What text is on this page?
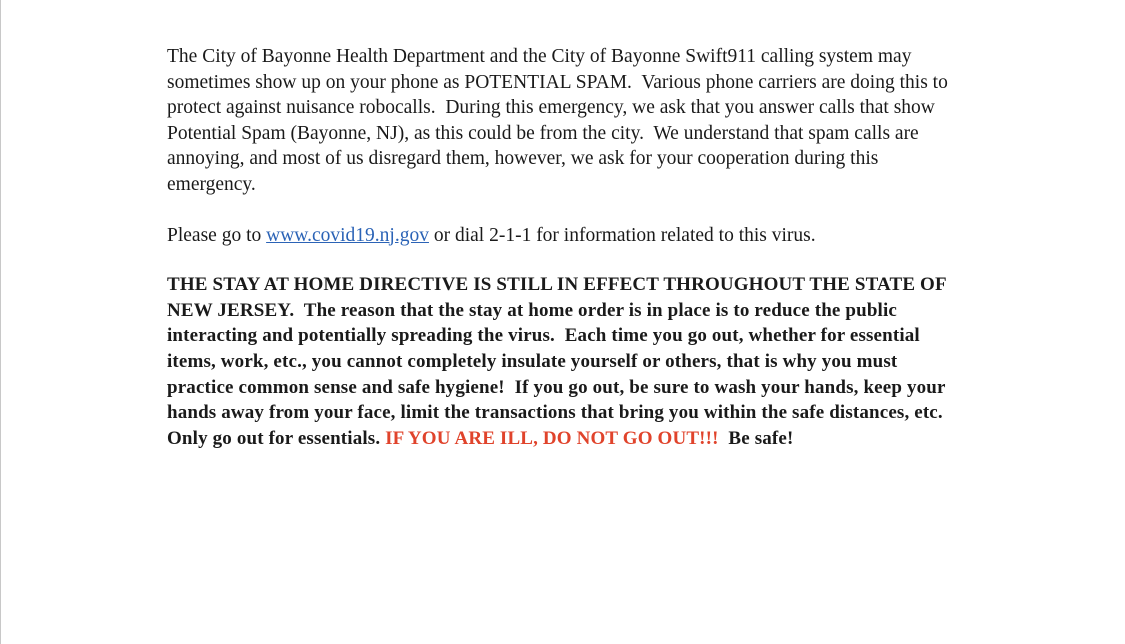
The City of Bayonne Health Department and the City of Bayonne Swift911 calling system may sometimes show up on your phone as POTENTIAL SPAM.  Various phone carriers are doing this to protect against nuisance robocalls.  During this emergency, we ask that you answer calls that show Potential Spam (Bayonne, NJ), as this could be from the city.  We understand that spam calls are annoying, and most of us disregard them, however, we ask for your cooperation during this emergency.

Please go to www.covid19.nj.gov or dial 2-1-1 for information related to this virus.

THE STAY AT HOME DIRECTIVE IS STILL IN EFFECT THROUGHOUT THE STATE OF NEW JERSEY.  The reason that the stay at home order is in place is to reduce the public interacting and potentially spreading the virus.  Each time you go out, whether for essential items, work, etc., you cannot completely insulate yourself or others, that is why you must practice common sense and safe hygiene!  If you go out, be sure to wash your hands, keep your hands away from your face, limit the transactions that bring you within the safe distances, etc.  Only go out for essentials. IF YOU ARE ILL, DO NOT GO OUT!!!  Be safe!
